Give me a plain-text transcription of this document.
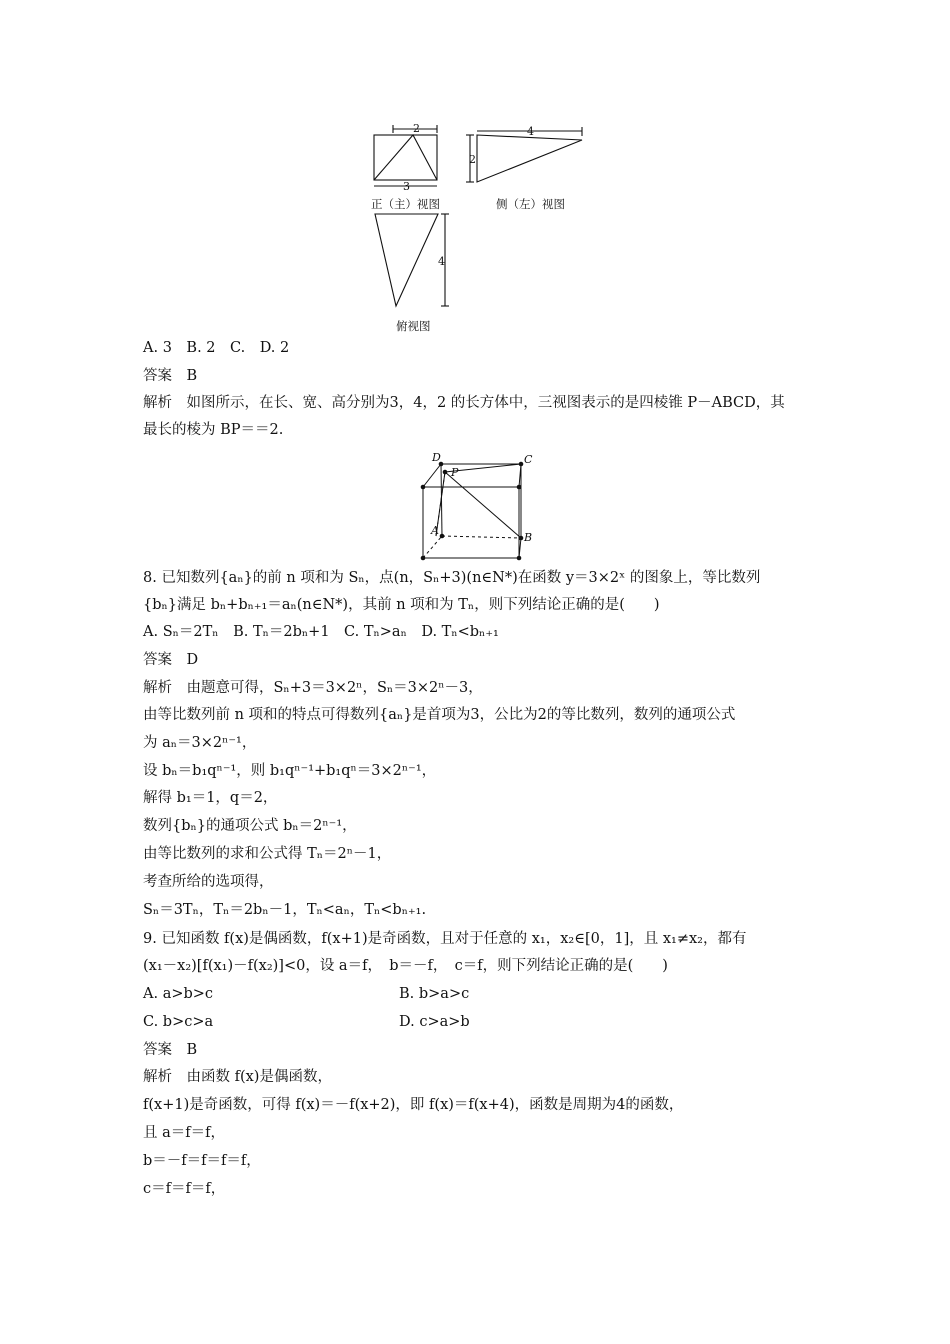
2
3
4
2
4
正（主）视图	侧（左）视图
俯视图
D
P
C
A
B
A. 3　B. 2　C.　D. 2
答案　B
解析　如图所示，在长、宽、高分别为3，4，2 的长方体中，三视图表示的是四棱锥 P－ABCD，其
最长的棱为 BP＝＝2.
8. 已知数列{aₙ}的前 n 项和为 Sₙ，点(n，Sₙ+3)(n∈N*)在函数 y＝3×2ˣ 的图象上，等比数列
{bₙ}满足 bₙ+bₙ₊₁＝aₙ(n∈N*)，其前 n 项和为 Tₙ，则下列结论正确的是(　　)
A. Sₙ＝2Tₙ　B. Tₙ＝2bₙ+1　C. Tₙ>aₙ　D. Tₙ<bₙ₊₁
答案　D
解析　由题意可得，Sₙ+3＝3×2ⁿ，Sₙ＝3×2ⁿ－3，
由等比数列前 n 项和的特点可得数列{aₙ}是首项为3，公比为2的等比数列，数列的通项公式
为 aₙ＝3×2ⁿ⁻¹，
设 bₙ＝b₁qⁿ⁻¹，则 b₁qⁿ⁻¹+b₁qⁿ＝3×2ⁿ⁻¹，
解得 b₁＝1，q＝2，
数列{bₙ}的通项公式 bₙ＝2ⁿ⁻¹，
由等比数列的求和公式得 Tₙ＝2ⁿ－1，
考查所给的选项得，
Sₙ＝3Tₙ，Tₙ＝2bₙ－1，Tₙ<aₙ，Tₙ<bₙ₊₁.
9. 已知函数 f(x)是偶函数，f(x+1)是奇函数，且对于任意的 x₁，x₂∈[0，1]，且 x₁≠x₂，都有
(x₁－x₂)[f(x₁)－f(x₂)]<0，设 a＝f，　b＝－f，　c＝f，则下列结论正确的是(　　)
A. a>b>c	B. b>a>c
C. b>c>a	D. c>a>b
答案　B
解析　由函数 f(x)是偶函数，
f(x+1)是奇函数，可得 f(x)＝－f(x+2)，即 f(x)＝f(x+4)，函数是周期为4的函数，
且 a＝f＝f，
b＝－f＝f＝f＝f，
c＝f＝f＝f，
